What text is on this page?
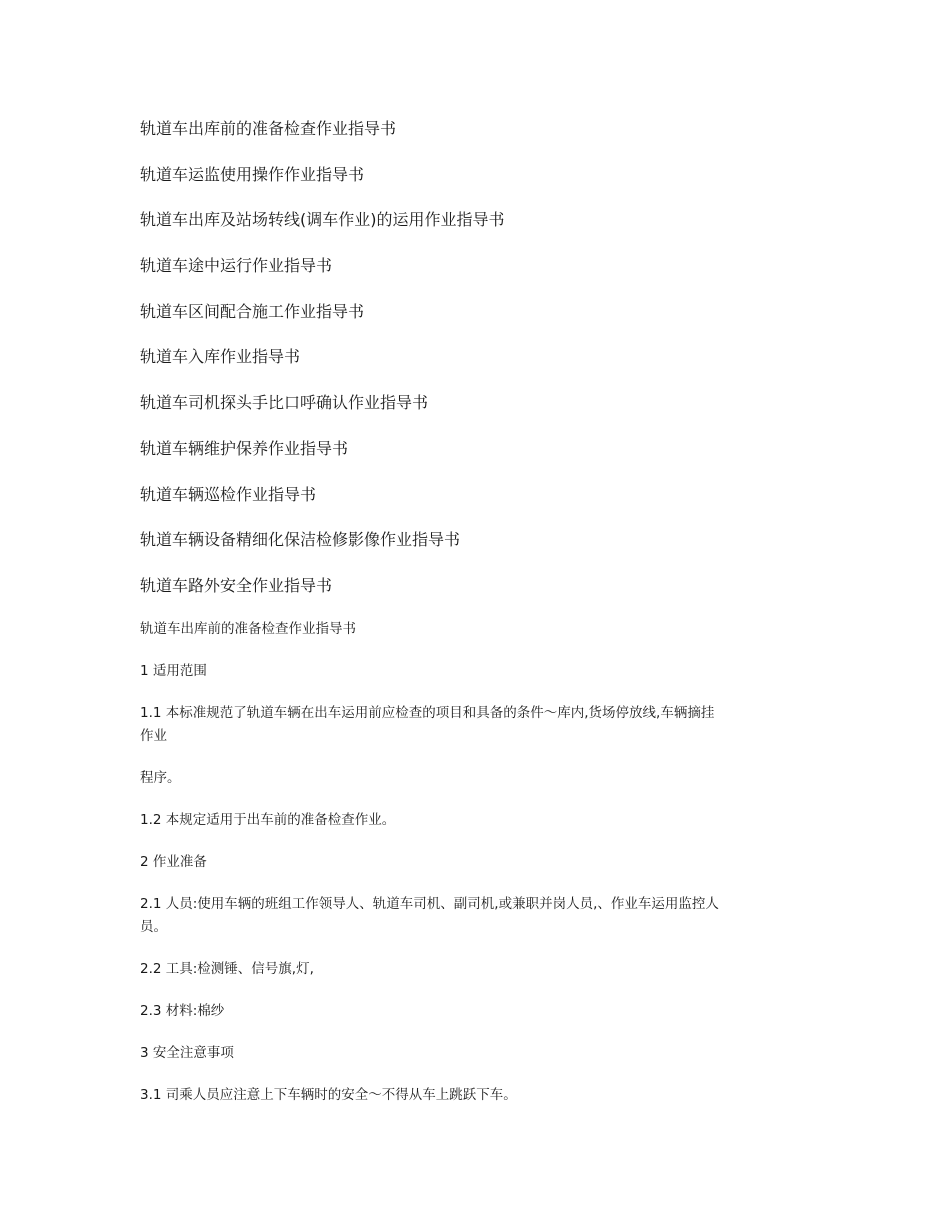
轨道车出库前的准备检查作业指导书
轨道车运监使用操作作业指导书
轨道车出库及站场转线(调车作业)的运用作业指导书
轨道车途中运行作业指导书
轨道车区间配合施工作业指导书
轨道车入库作业指导书
轨道车司机探头手比口呼确认作业指导书
轨道车辆维护保养作业指导书
轨道车辆巡检作业指导书
轨道车辆设备精细化保洁检修影像作业指导书
轨道车路外安全作业指导书

轨道车出库前的准备检查作业指导书

1 适用范围

1.1 本标准规范了轨道车辆在出车运用前应检查的项目和具备的条件～库内,货场停放线,车辆摘挂

作业

程序。

1.2 本规定适用于出车前的准备检查作业。

2 作业准备

2.1 人员:使用车辆的班组工作领导人、轨道车司机、副司机,或兼职并岗人员,、作业车运用监控人

员。

2.2 工具:检测锤、信号旗,灯,

2.3 材料:棉纱

3 安全注意事项

3.1 司乘人员应注意上下车辆时的安全～不得从车上跳跃下车。
